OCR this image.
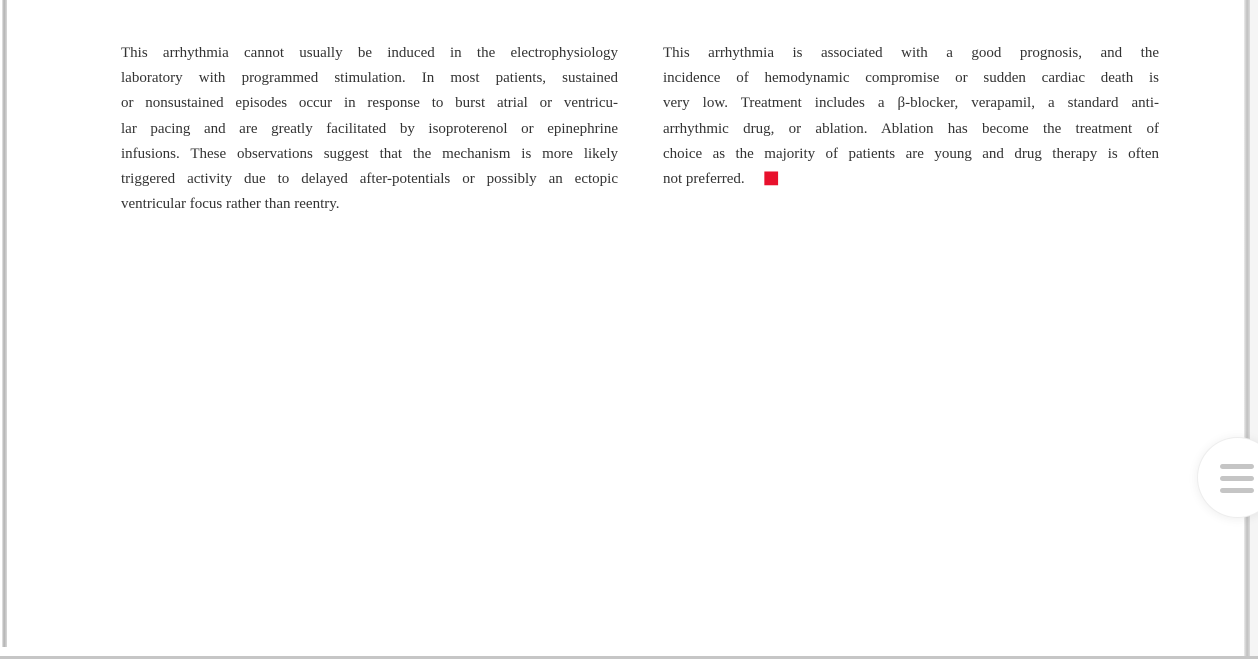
This arrhythmia cannot usually be induced in the electrophysiology
laboratory with programmed stimulation. In most patients, sustained
or nonsustained episodes occur in response to burst atrial or ventricu-
lar pacing and are greatly facilitated by isoproterenol or epinephrine
infusions. These observations suggest that the mechanism is more likely
triggered activity due to delayed after-potentials or possibly an ectopic
ventricular focus rather than reentry.
This arrhythmia is associated with a good prognosis, and the
incidence of hemodynamic compromise or sudden cardiac death is
very low. Treatment includes a β-blocker, verapamil, a standard anti-
arrhythmic drug, or ablation. Ablation has become the treatment of
choice as the majority of patients are young and drug therapy is often
not preferred. ■
